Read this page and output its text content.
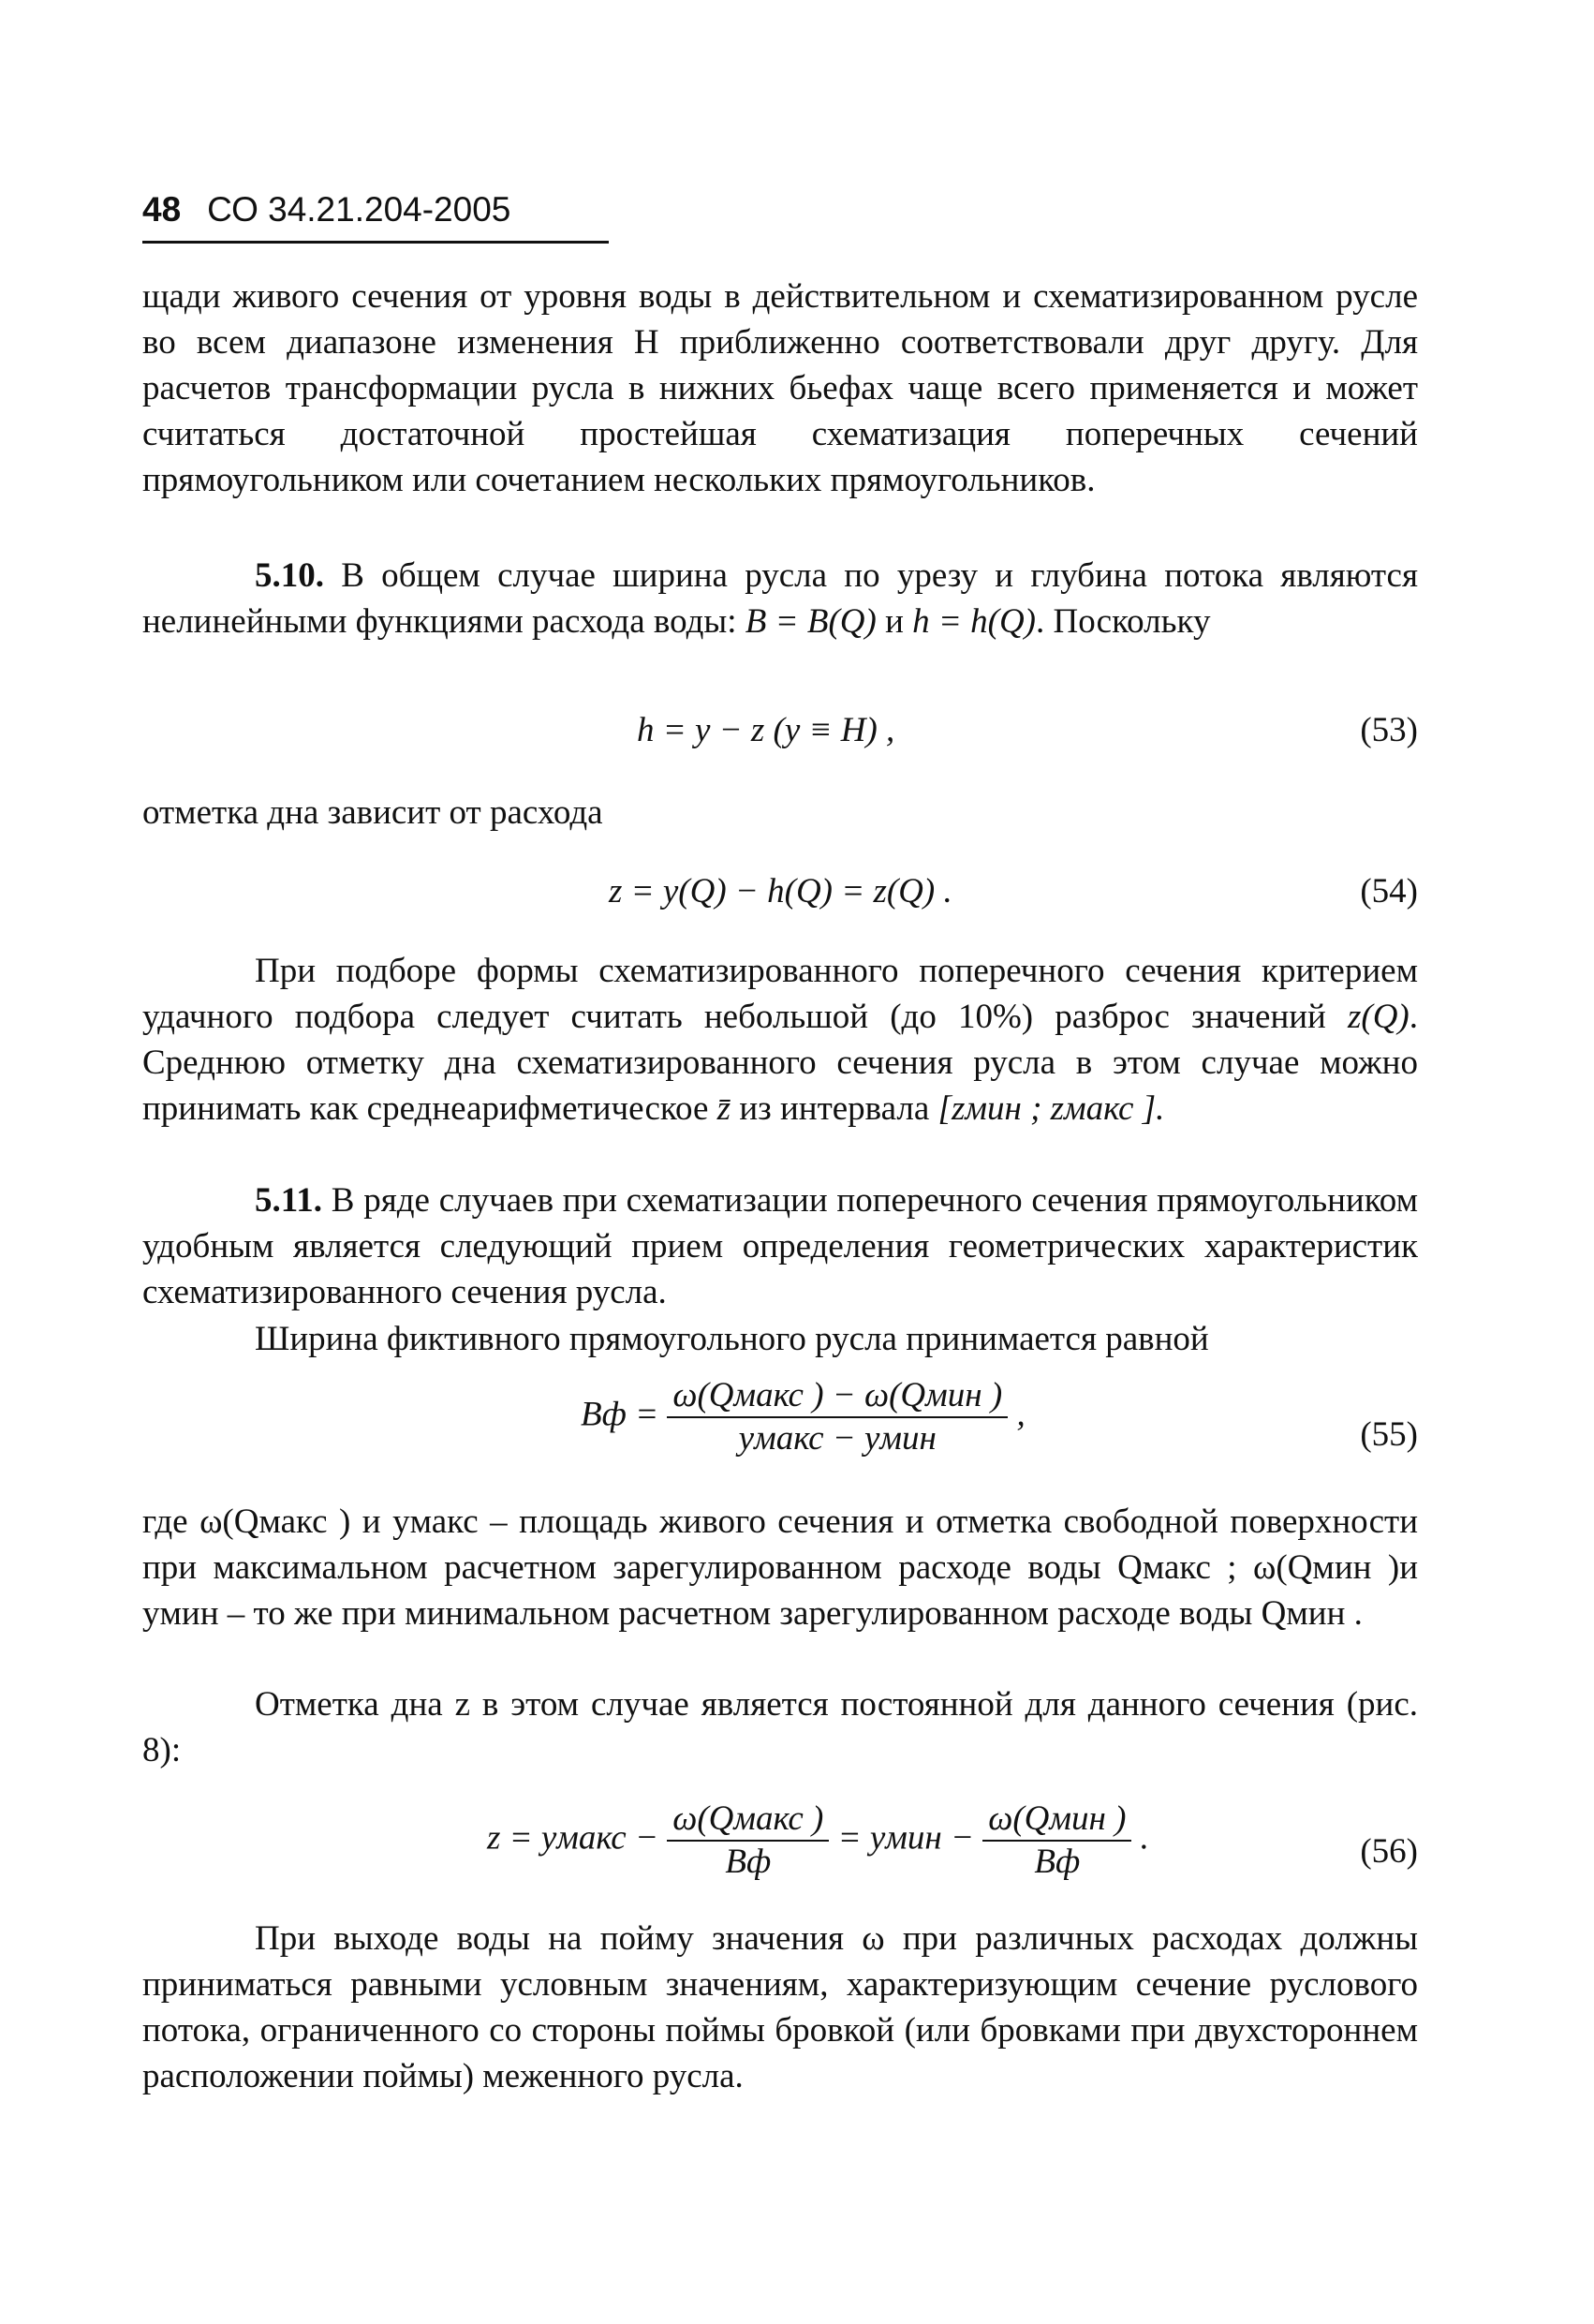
48 СО 34.21.204-2005
щади живого сечения от уровня воды в действительном и схематизированном русле во всем диапазоне изменения H приближенно соответствовали друг другу. Для расчетов трансформации русла в нижних бьефах чаще всего применяется и может считаться достаточной простейшая схематизация поперечных сечений прямоугольником или сочетанием нескольких прямоугольников.
5.10. В общем случае ширина русла по урезу и глубина потока являются нелинейными функциями расхода воды: B = B(Q) и h = h(Q). Поскольку
h = y − z (y ≡ H) ,	(53)
отметка дна зависит от расхода
z = y(Q) − h(Q) = z(Q) .	(54)
При подборе формы схематизированного поперечного сечения критерием удачного подбора следует считать небольшой (до 10%) разброс значений z(Q). Среднюю отметку дна схематизированного сечения русла в этом случае можно принимать как среднеарифметическое z̄ из интервала [zмин ; zмакс ].
5.11. В ряде случаев при схематизации поперечного сечения прямоугольником удобным является следующий прием определения геометрических характеристик схематизированного сечения русла.
Ширина фиктивного прямоугольного русла принимается равной
Bф = $\frac{\text{ω(Qмакс ) − ω(Qмин )}}{\text{yмакс − yмин}}$ ,
(55)
где ω(Qмакс ) и yмакс – площадь живого сечения и отметка свободной поверхности при максимальном расчетном зарегулированном расходе воды Qмакс ; ω(Qмин )и yмин – то же при минимальном расчетном зарегулированном расходе воды Qмин .
Отметка дна z в этом случае является постоянной для данного сечения (рис. 8):
z = yмакс − $\frac{\text{ω(Qмакс )}}{Bф}$ = yмин − $\frac{\text{ω(Qмин )}}{Bф}$ .	(56)
При выходе воды на пойму значения ω при различных расходах должны приниматься равными условным значениям, характеризующим сечение руслового потока, ограниченного со стороны поймы бровкой (или бровками при двухстороннем расположении поймы) меженного русла.
